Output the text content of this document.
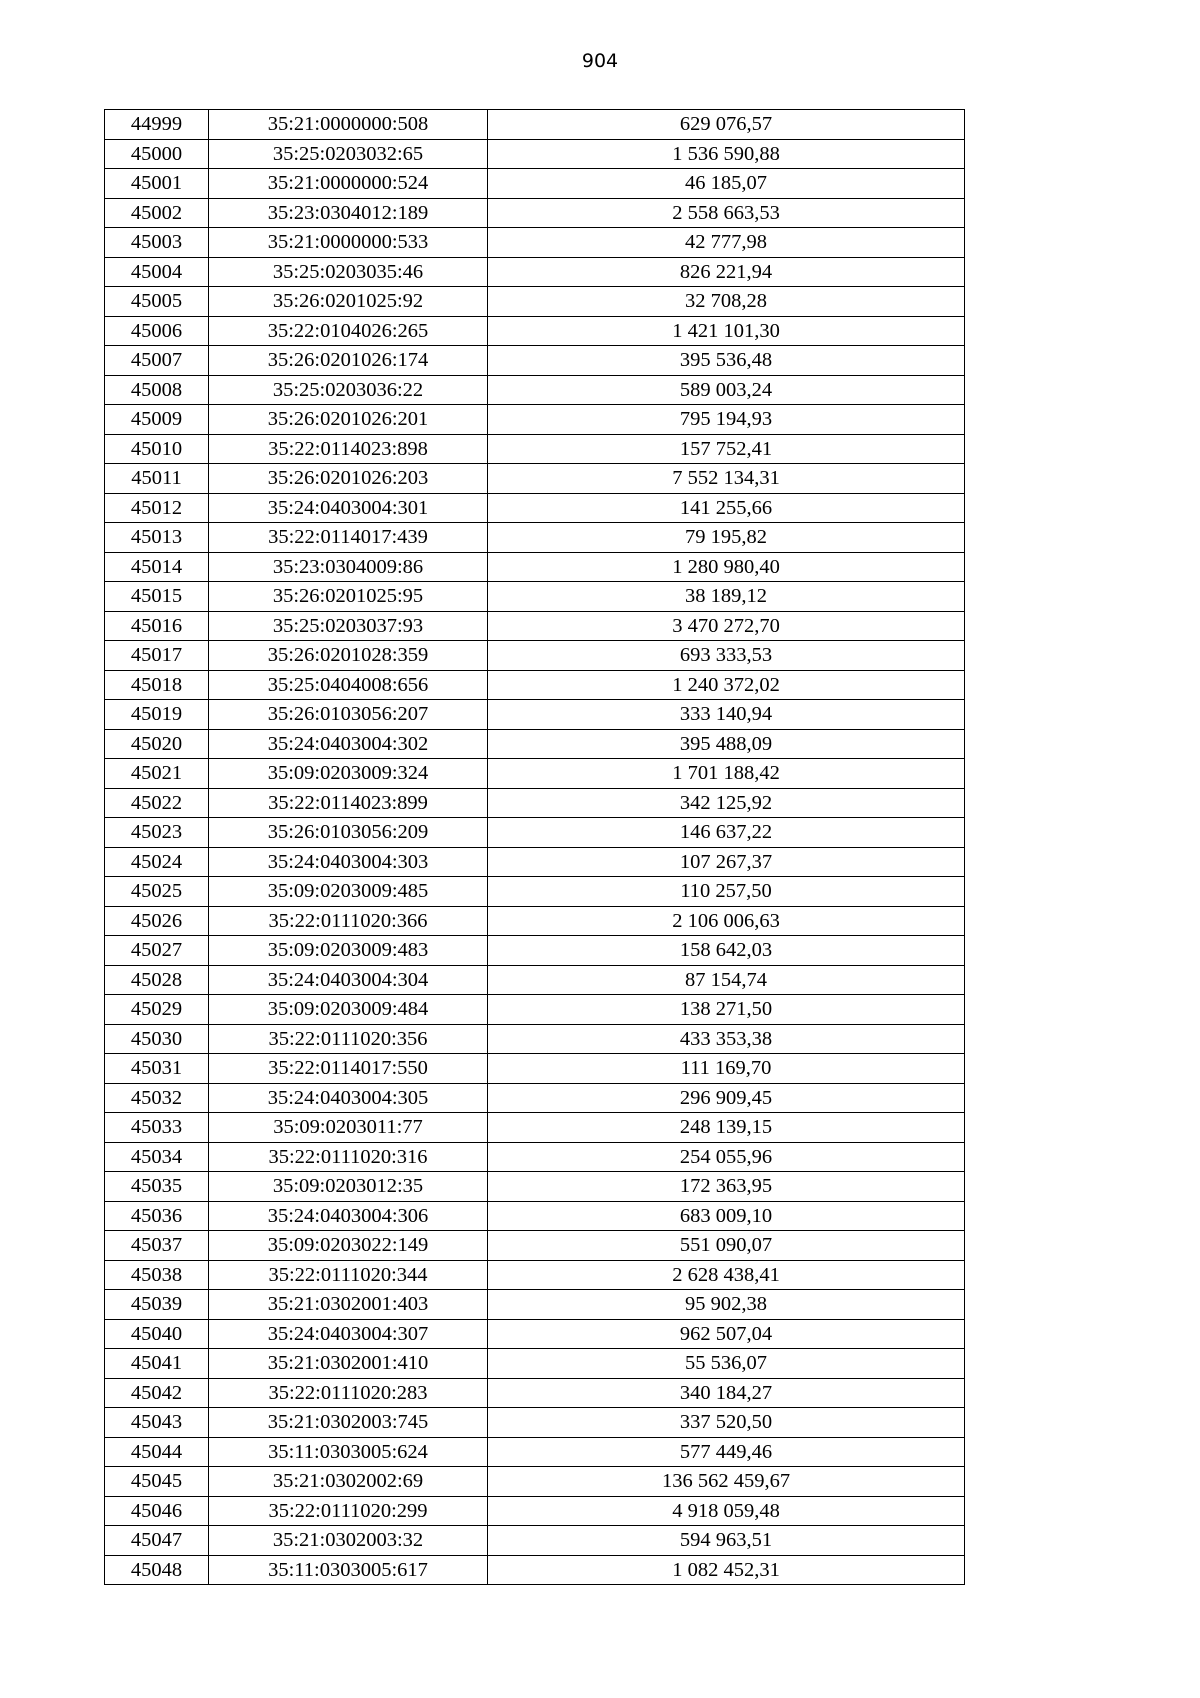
904
44999	35:21:0000000:508	629 076,57
45000	35:25:0203032:65	1 536 590,88
45001	35:21:0000000:524	46 185,07
45002	35:23:0304012:189	2 558 663,53
45003	35:21:0000000:533	42 777,98
45004	35:25:0203035:46	826 221,94
45005	35:26:0201025:92	32 708,28
45006	35:22:0104026:265	1 421 101,30
45007	35:26:0201026:174	395 536,48
45008	35:25:0203036:22	589 003,24
45009	35:26:0201026:201	795 194,93
45010	35:22:0114023:898	157 752,41
45011	35:26:0201026:203	7 552 134,31
45012	35:24:0403004:301	141 255,66
45013	35:22:0114017:439	79 195,82
45014	35:23:0304009:86	1 280 980,40
45015	35:26:0201025:95	38 189,12
45016	35:25:0203037:93	3 470 272,70
45017	35:26:0201028:359	693 333,53
45018	35:25:0404008:656	1 240 372,02
45019	35:26:0103056:207	333 140,94
45020	35:24:0403004:302	395 488,09
45021	35:09:0203009:324	1 701 188,42
45022	35:22:0114023:899	342 125,92
45023	35:26:0103056:209	146 637,22
45024	35:24:0403004:303	107 267,37
45025	35:09:0203009:485	110 257,50
45026	35:22:0111020:366	2 106 006,63
45027	35:09:0203009:483	158 642,03
45028	35:24:0403004:304	87 154,74
45029	35:09:0203009:484	138 271,50
45030	35:22:0111020:356	433 353,38
45031	35:22:0114017:550	111 169,70
45032	35:24:0403004:305	296 909,45
45033	35:09:0203011:77	248 139,15
45034	35:22:0111020:316	254 055,96
45035	35:09:0203012:35	172 363,95
45036	35:24:0403004:306	683 009,10
45037	35:09:0203022:149	551 090,07
45038	35:22:0111020:344	2 628 438,41
45039	35:21:0302001:403	95 902,38
45040	35:24:0403004:307	962 507,04
45041	35:21:0302001:410	55 536,07
45042	35:22:0111020:283	340 184,27
45043	35:21:0302003:745	337 520,50
45044	35:11:0303005:624	577 449,46
45045	35:21:0302002:69	136 562 459,67
45046	35:22:0111020:299	4 918 059,48
45047	35:21:0302003:32	594 963,51
45048	35:11:0303005:617	1 082 452,31
